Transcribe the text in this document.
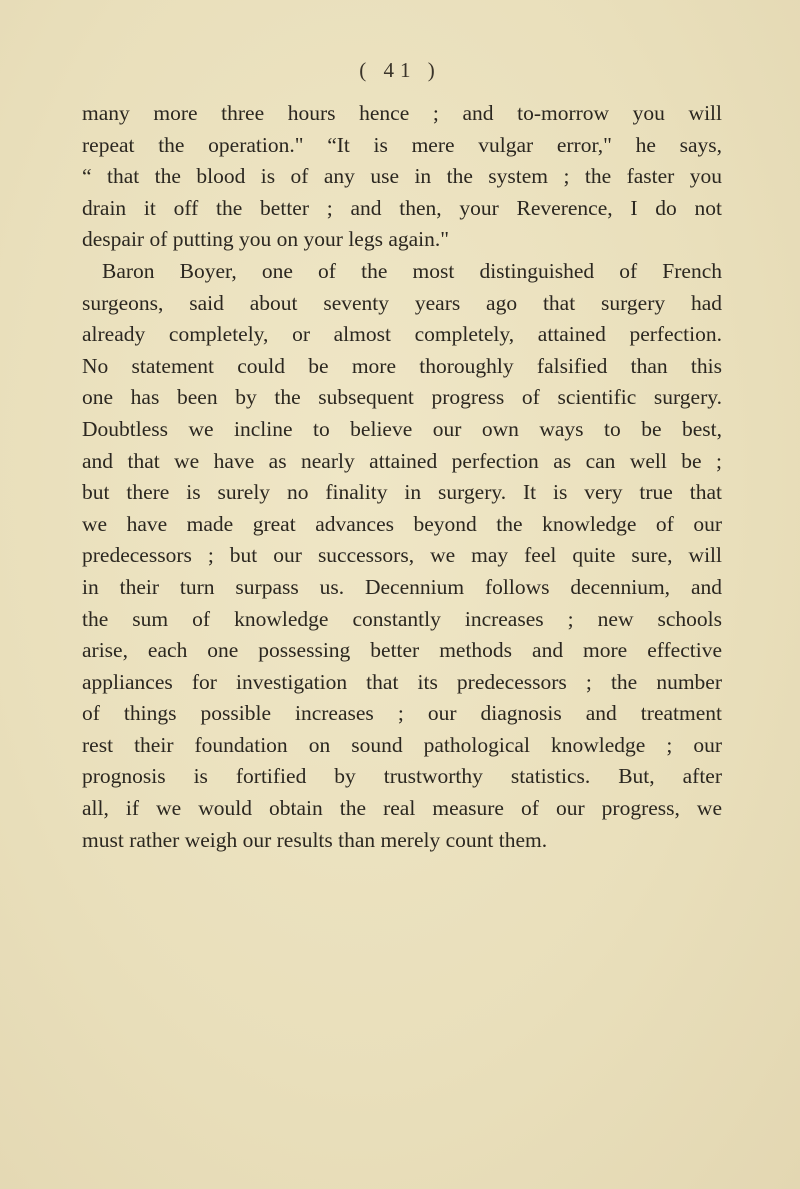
( 41 )
many more three hours hence ; and to-morrow you will
repeat the operation." “It is mere vulgar error," he says,
“ that the blood is of any use in the system ; the faster you
drain it off the better ; and then, your Reverence, I do not
despair of putting you on your legs again."
Baron Boyer, one of the most distinguished of French
surgeons, said about seventy years ago that surgery had
already completely, or almost completely, attained perfection.
No statement could be more thoroughly falsified than this
one has been by the subsequent progress of scientific surgery.
Doubtless we incline to believe our own ways to be best,
and that we have as nearly attained perfection as can well be ;
but there is surely no finality in surgery. It is very true that
we have made great advances beyond the knowledge of our
predecessors ; but our successors, we may feel quite sure, will
in their turn surpass us. Decennium follows decennium, and
the sum of knowledge constantly increases ; new schools
arise, each one possessing better methods and more effective
appliances for investigation that its predecessors ; the number
of things possible increases ; our diagnosis and treatment
rest their foundation on sound pathological knowledge ; our
prognosis is fortified by trustworthy statistics. But, after
all, if we would obtain the real measure of our progress, we
must rather weigh our results than merely count them.
